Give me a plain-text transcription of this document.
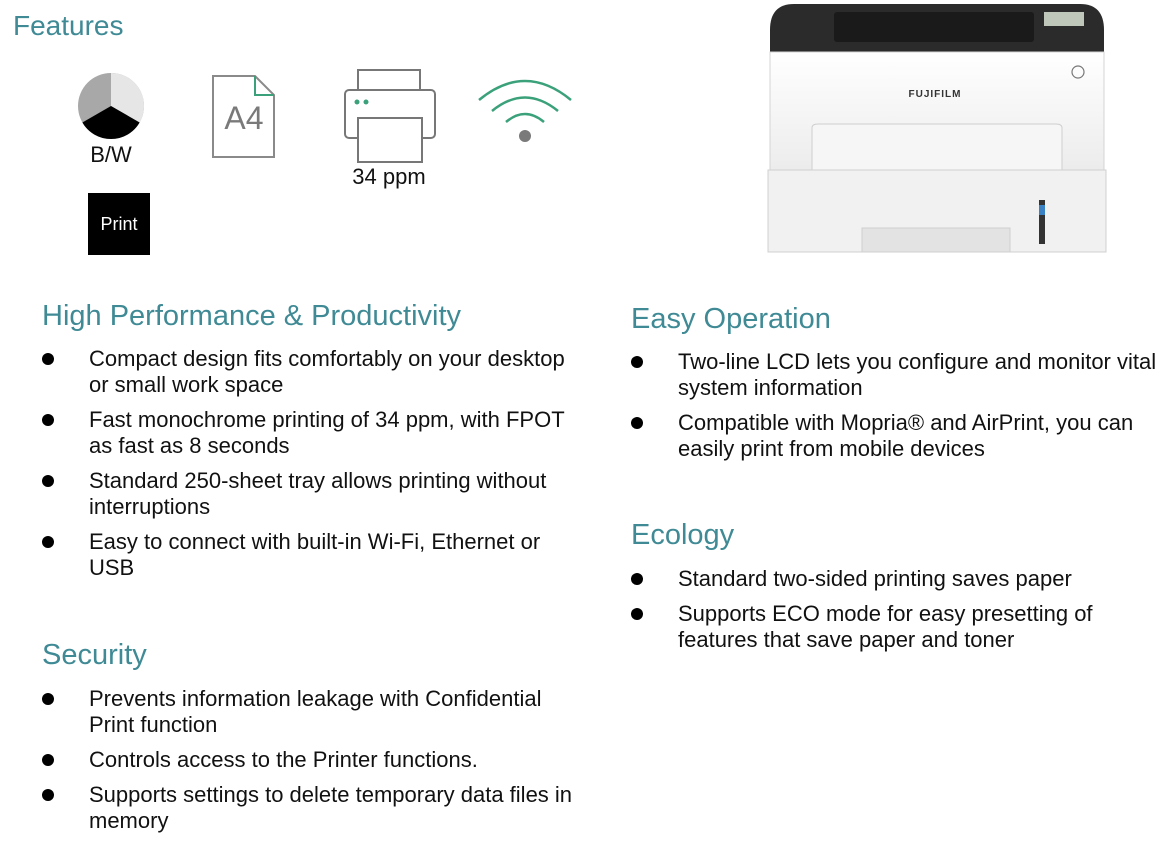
Features
B/W
A4
34 ppm
Print
FUJIFILM
High Performance & Productivity
Compact design fits comfortably on your desktop or small work space
Fast monochrome printing of 34 ppm, with FPOT as fast as 8 seconds
Standard 250-sheet tray allows printing without interruptions
Easy to connect with built-in Wi-Fi, Ethernet or USB
Security
Prevents information leakage with Confidential Print function
Controls access to the Printer functions.
Supports settings to delete temporary data files in memory
Easy Operation
Two-line LCD lets you configure and monitor vital system information
Compatible with Mopria® and AirPrint, you can easily print from mobile devices
Ecology
Standard two-sided printing saves paper
Supports ECO mode for easy presetting of features that save paper and toner
